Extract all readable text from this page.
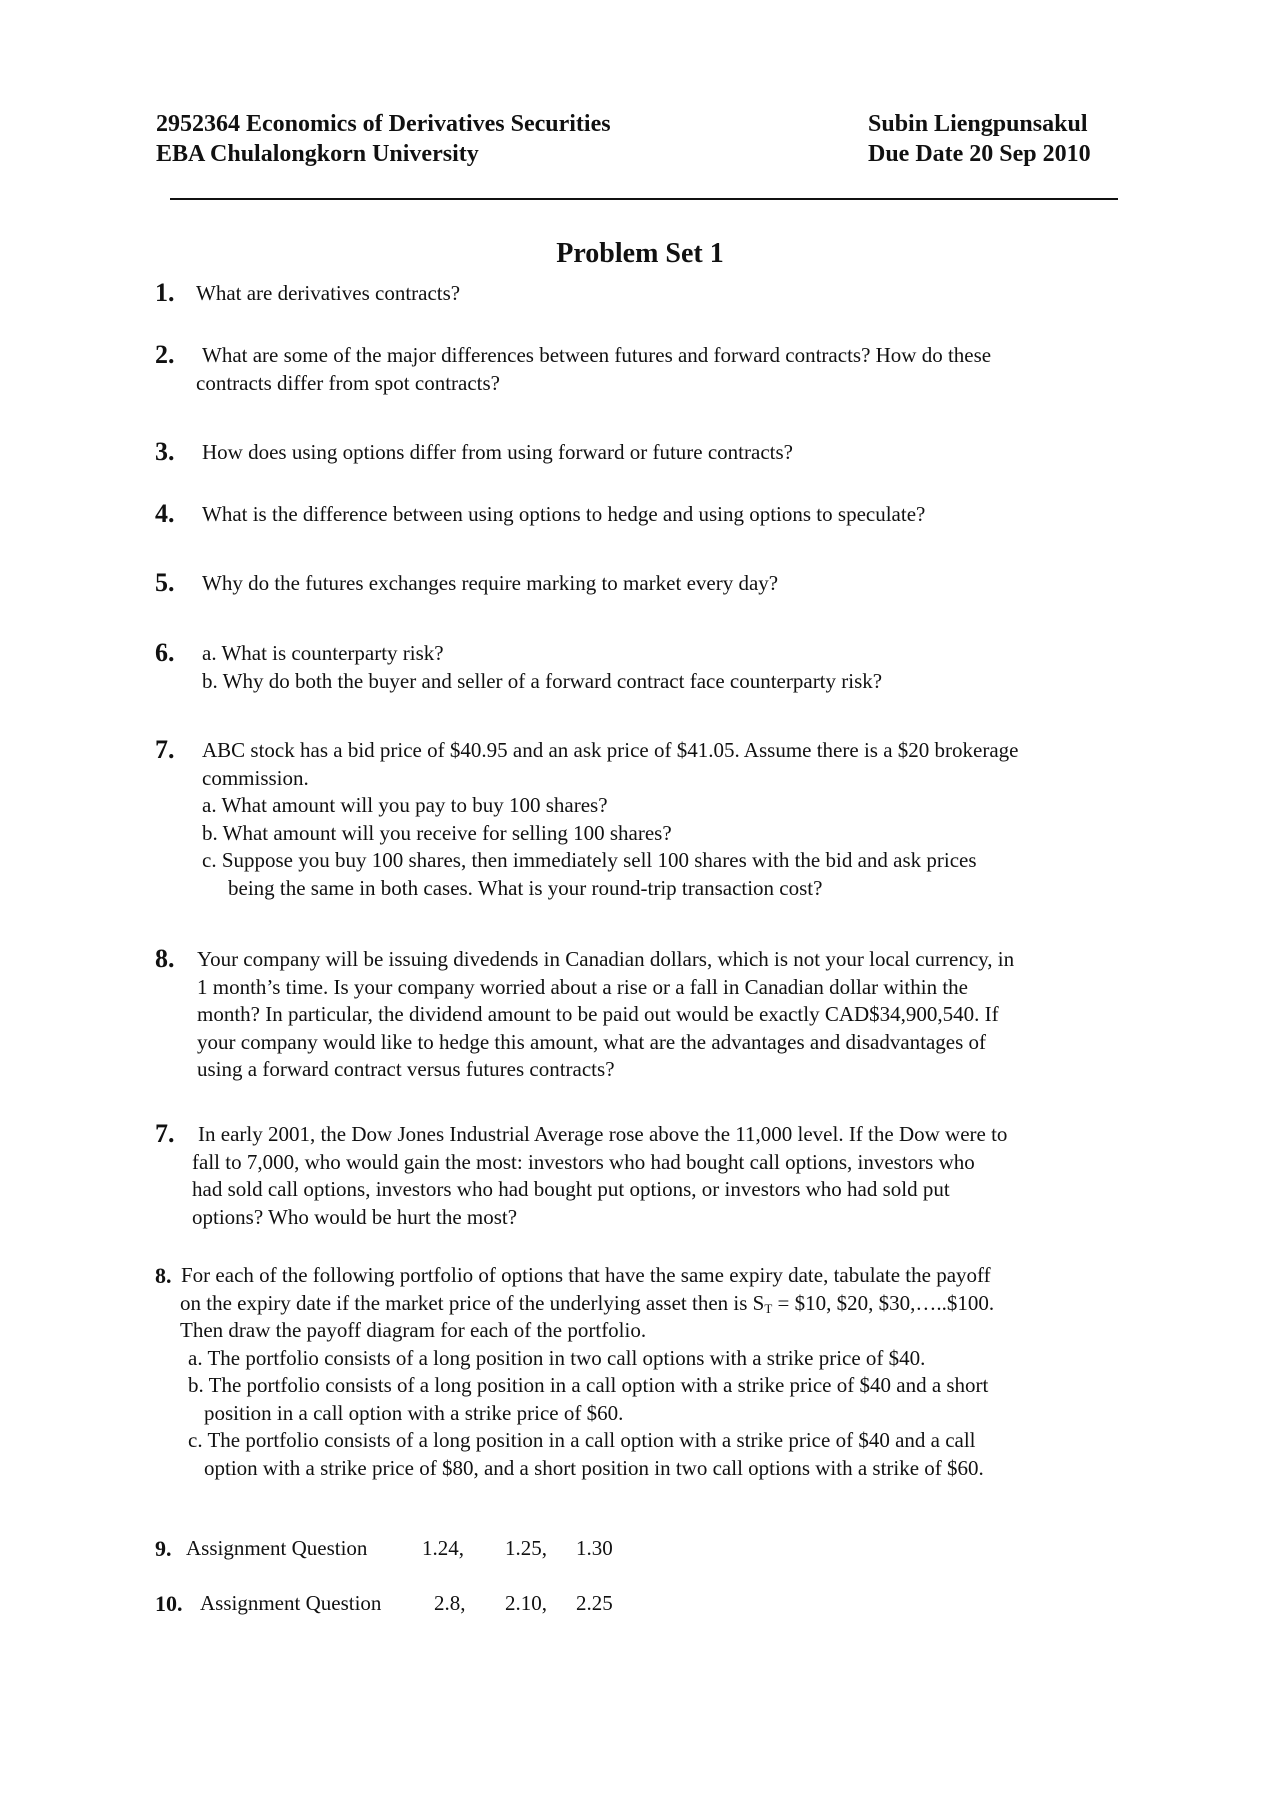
2952364 Economics of Derivatives Securities
EBA Chulalongkorn University
Subin Liengpunsakul
Due Date 20 Sep 2010
Problem Set 1
1. What are derivatives contracts?
2. What are some of the major differences between futures and forward contracts? How do these
contracts differ from spot contracts?
3. How does using options differ from using forward or future contracts?
4. What is the difference between using options to hedge and using options to speculate?
5. Why do the futures exchanges require marking to market every day?
6. a. What is counterparty risk?
b. Why do both the buyer and seller of a forward contract face counterparty risk?
7. ABC stock has a bid price of $40.95 and an ask price of $41.05. Assume there is a $20 brokerage
commission.
a. What amount will you pay to buy 100 shares?
b. What amount will you receive for selling 100 shares?
c. Suppose you buy 100 shares, then immediately sell 100 shares with the bid and ask prices
being the same in both cases. What is your round-trip transaction cost?
8. Your company will be issuing divedends in Canadian dollars, which is not your local currency, in
1 month’s time. Is your company worried about a rise or a fall in Canadian dollar within the
month? In particular, the dividend amount to be paid out would be exactly CAD$34,900,540. If
your company would like to hedge this amount, what are the advantages and disadvantages of
using a forward contract versus futures contracts?
7. In early 2001, the Dow Jones Industrial Average rose above the 11,000 level. If the Dow were to
fall to 7,000, who would gain the most: investors who had bought call options, investors who
had sold call options, investors who had bought put options, or investors who had sold put
options? Who would be hurt the most?
8. For each of the following portfolio of options that have the same expiry date, tabulate the payoff
on the expiry date if the market price of the underlying asset then is $S_T$ = $10, $20, $30,…..$100.
Then draw the payoff diagram for each of the portfolio.
a. The portfolio consists of a long position in two call options with a strike price of $40.
b. The portfolio consists of a long position in a call option with a strike price of $40 and a short
position in a call option with a strike price of $60.
c. The portfolio consists of a long position in a call option with a strike price of $40 and a call
option with a strike price of $80, and a short position in two call options with a strike of $60.
9. Assignment Question	1.24, 1.25, 1.30
10. Assignment Question	2.8, 2.10, 2.25
